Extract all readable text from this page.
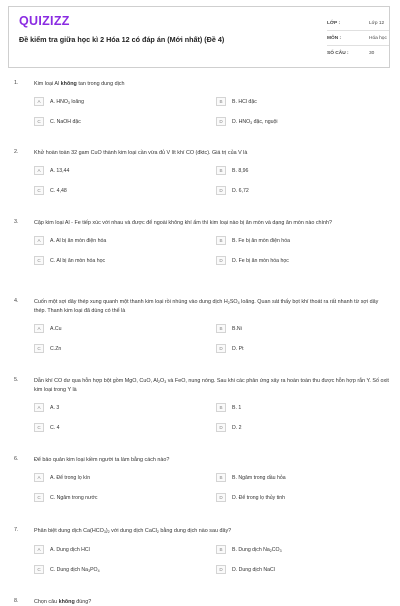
QUIZIZZ
Đề kiểm tra giữa học kì 2 Hóa 12 có đáp án (Mới nhất) (Đề 4)
LỚP :	Lớp 12
MÔN :	Hóa học
SỐ CÂU :	30
1.	Kim loại Al không tan trong dung dịch
A	A. $HNO_3$ loãng	B	B. HCl đặc
C	C. NaOH đặc	D	D. $HNO_3$ đặc, nguội
2.	Khử hoàn toàn 32 gam CuO thành kim loại cần vừa đủ V lít khí CO (đktc). Giá trị của V là
A	A. 13,44	B	B. 8,96
C	C. 4,48	D	D. 6,72
3.	Cặp kim loại Al - Fe tiếp xúc với nhau và được để ngoài không khí ẩm thì kim loại nào bị ăn mòn và dạng ăn mòn nào chính?
A	A. Al bị ăn mòn điện hóa	B	B. Fe bị ăn mòn điện hóa
C	C. Al bị ăn mòn hóa học	D	D. Fe bị ăn mòn hóa học
4.	Cuốn một sợi dây thép xung quanh một thanh kim loại rồi nhúng vào dung dịch $H_2SO_4$ loãng. Quan sát thấy bọt khí thoát ra rất nhanh từ sợi dây thép. Thanh kim loại đã dùng có thể là
A	A.Cu	B	B.Ni
C	C.Zn	D	D. Pt
5.	Dẫn khí CO dư qua hỗn hợp bột gồm MgO, CuO, $Al_2O_3$ và FeO, nung nóng. Sau khi các phản ứng xảy ra hoàn toàn thu được hỗn hợp rắn Y. Số oxit kim loại trong Y là
A	A. 3	B	B. 1
C	C. 4	D	D. 2
6.	Để bảo quản kim loại kiềm người ta làm bằng cách nào?
A	A. Để trong lọ kín	B	B. Ngâm trong dầu hỏa
C	C. Ngâm trong nước	D	D. Để trong lọ thủy tinh
7.	Phân biệt dung dịch $Ca(HCO_3)_2$ với dung dịch CaCl$_2$ bằng dung dịch nào sau đây?
A	A. Dung dịch HCl	B	B. Dung dịch $Na_2CO_3$
C	C. Dung dịch $Na_3PO_4$	D	D. Dung dịch NaCl
8.	Chọn câu không đúng?
